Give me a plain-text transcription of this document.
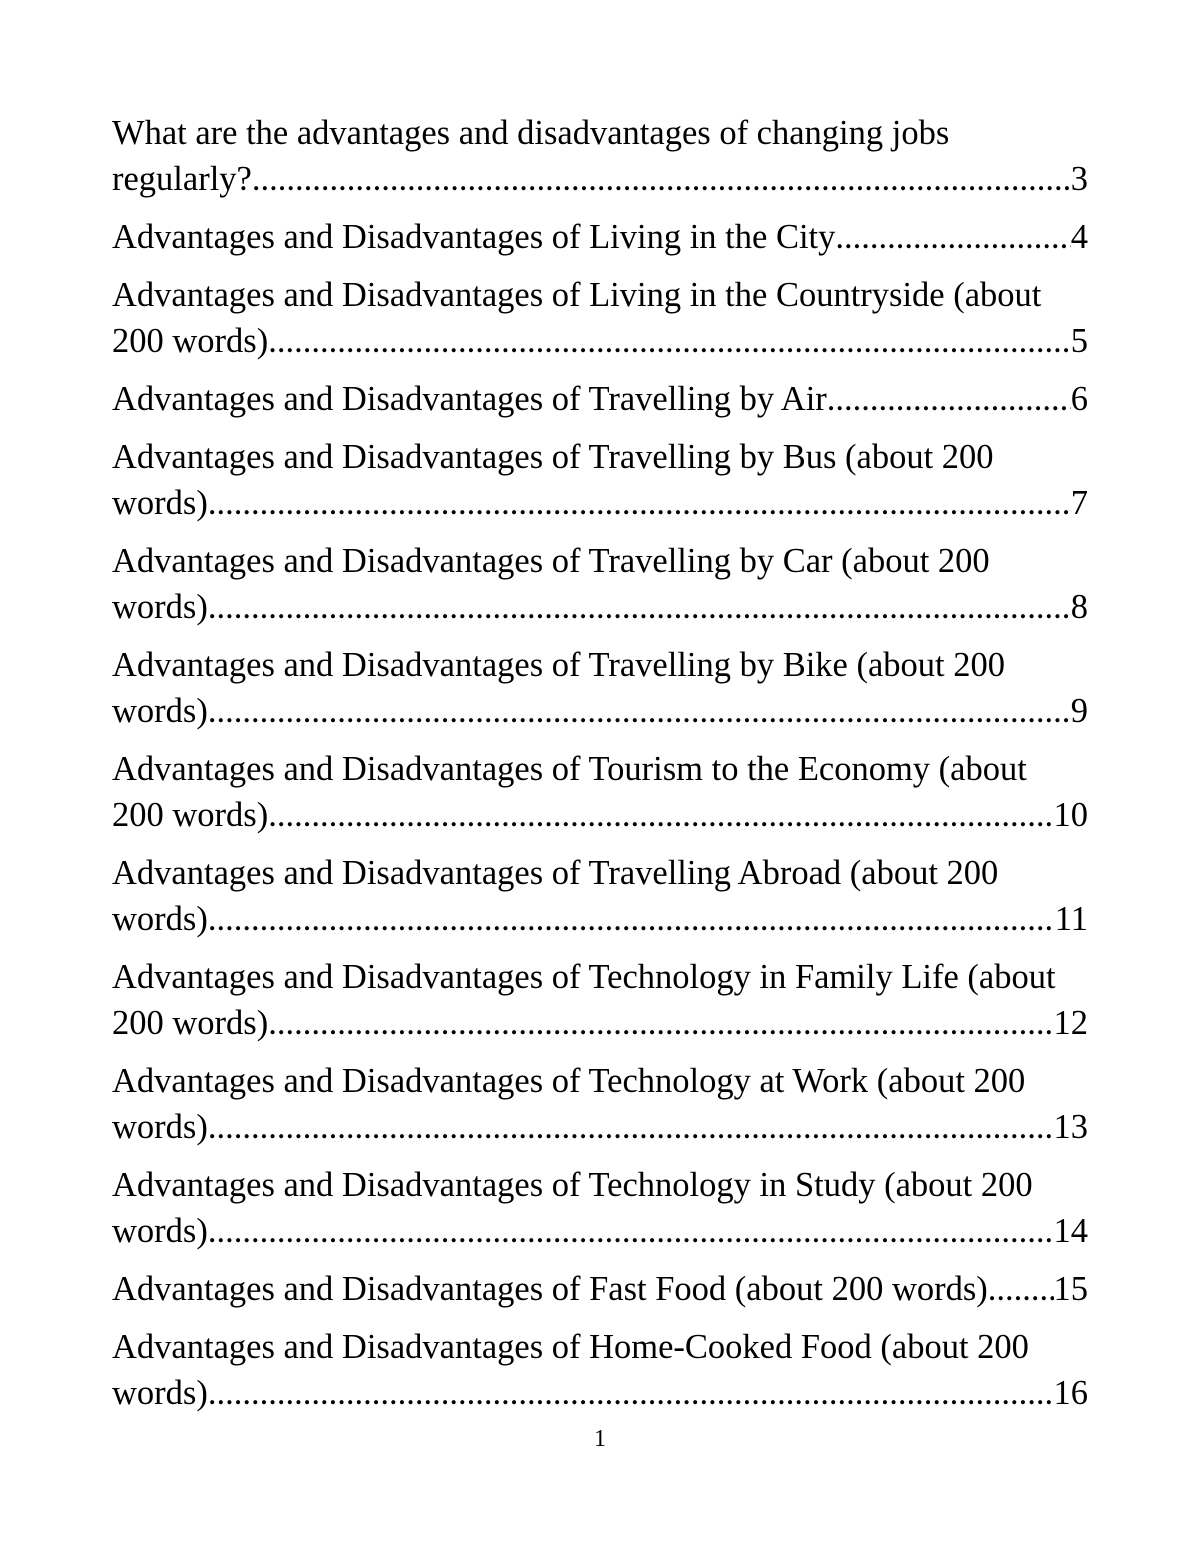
What are the advantages and disadvantages of changing jobs
regularly? .....	3
Advantages and Disadvantages of Living in the City .....	4
Advantages and Disadvantages of Living in the Countryside (about
200 words) .....	5
Advantages and Disadvantages of Travelling by Air .....	6
Advantages and Disadvantages of Travelling by Bus (about 200
words) .....	7
Advantages and Disadvantages of Travelling by Car (about 200
words) .....	8
Advantages and Disadvantages of Travelling by Bike (about 200
words) .....	9
Advantages and Disadvantages of Tourism to the Economy (about
200 words) .....	10
Advantages and Disadvantages of Travelling Abroad (about 200
words) .....	11
Advantages and Disadvantages of Technology in Family Life (about
200 words) .....	12
Advantages and Disadvantages of Technology at Work (about 200
words) .....	13
Advantages and Disadvantages of Technology in Study (about 200
words) .....	14
Advantages and Disadvantages of Fast Food (about 200 words) ..... 15
Advantages and Disadvantages of Home-Cooked Food (about 200
words) .....	16
1
